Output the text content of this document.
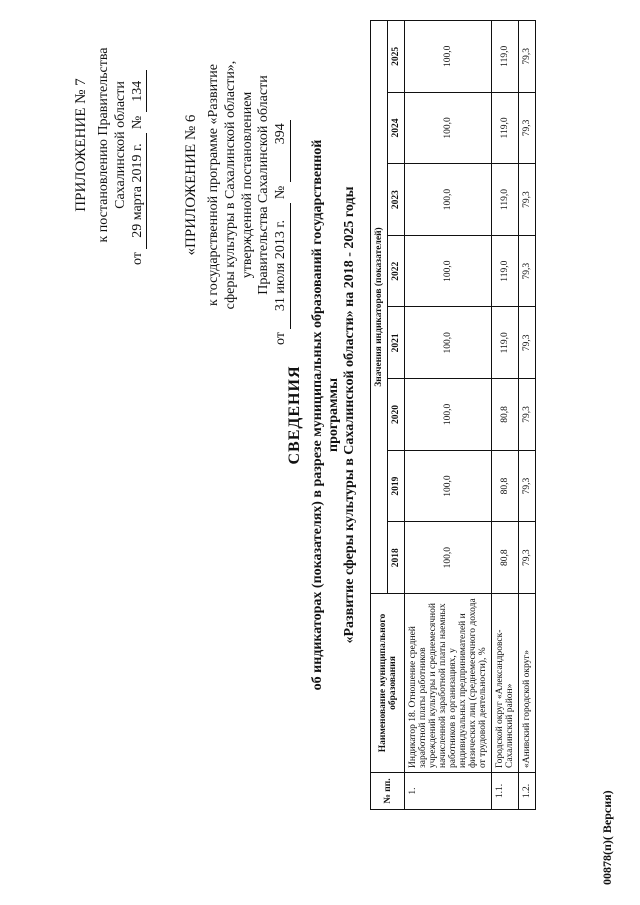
ПРИЛОЖЕНИЕ № 7 к постановлению Правительства Сахалинской области
от 29 марта 2019 г. № 134
«ПРИЛОЖЕНИЕ № 6 к государственной программе «Развитие сферы культуры в Сахалинской области», утвержденной постановлением Правительства Сахалинской области
от 31 июля 2013 г. № 394
СВЕДЕНИЯ об индикаторах (показателях) в разрезе муниципальных образований государственной программы «Развитие сферы культуры в Сахалинской области» на 2018 - 2025 годы
№ пп.	Наименование муниципального образования	Значения индикаторов (показателей)							
		2018	2019	2020	2021	2022	2023	2024	2025
1.	Индикатор 18. Отношение средней заработной платы работников учреждений культуры и среднемесячной начисленной заработной платы наемных работников в организациях, у индивидуальных предпринимателей и физических лиц (среднемесячного дохода от трудовой деятельности), %	100,0	100,0	100,0	100,0	100,0	100,0	100,0	100,0
1.1.	Городской округ «Александровск-Сахалинский район»	80,8	80,8	80,8	119,0	119,0	119,0	119,0	119,0
1.2.	«Анивский городской округ»	79,3	79,3	79,3	79,3	79,3	79,3	79,3	79,3
00878(п)( Версия)
